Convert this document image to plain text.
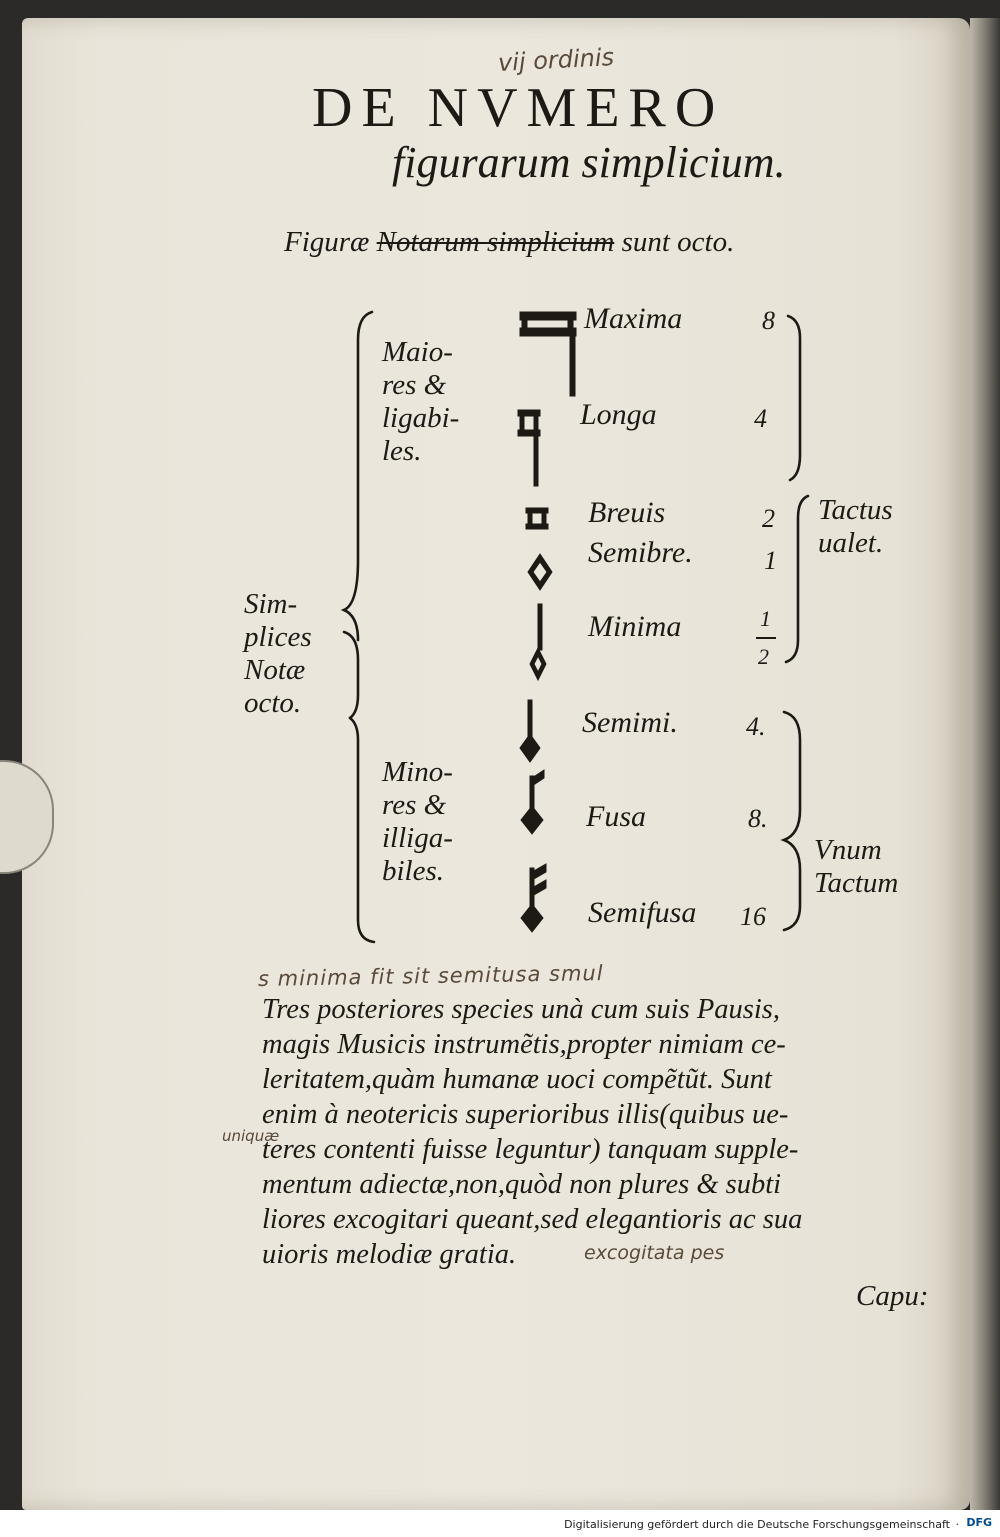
vij ordinis
s minima fit sit semitusa smul
uniquæ
excogitata pes
DE NVMERO
figurarum simplicium.
Figuræ Notarum simplicium sunt octo.
Maio- res & ligabi- les.
Sim- plices Notæ octo.
Mino- res & illiga- biles.
Tactus ualet.
Vnum Tactum
Maxima	8
Longa	4
Breuis	2
Semibre.	1
Minima	1
2
Semimi.	4.
Fusa	8.
Semifusa 16
Tres posteriores species unà cum suis Pausis,
magis Musicis instrumẽtis,propter nimiam ce-
leritatem,quàm humanæ uoci compẽtũt. Sunt
enim à neotericis superioribus illis(quibus ue-
teres contenti fuisse leguntur) tanquam supple-
mentum adiectæ,non,quòd non plures & subti
liores excogitari queant,sed elegantioris ac sua
uioris melodiæ gratia.
Capu:
Digitalisierung gefördert durch die Deutsche Forschungsgemeinschaft · DFG
